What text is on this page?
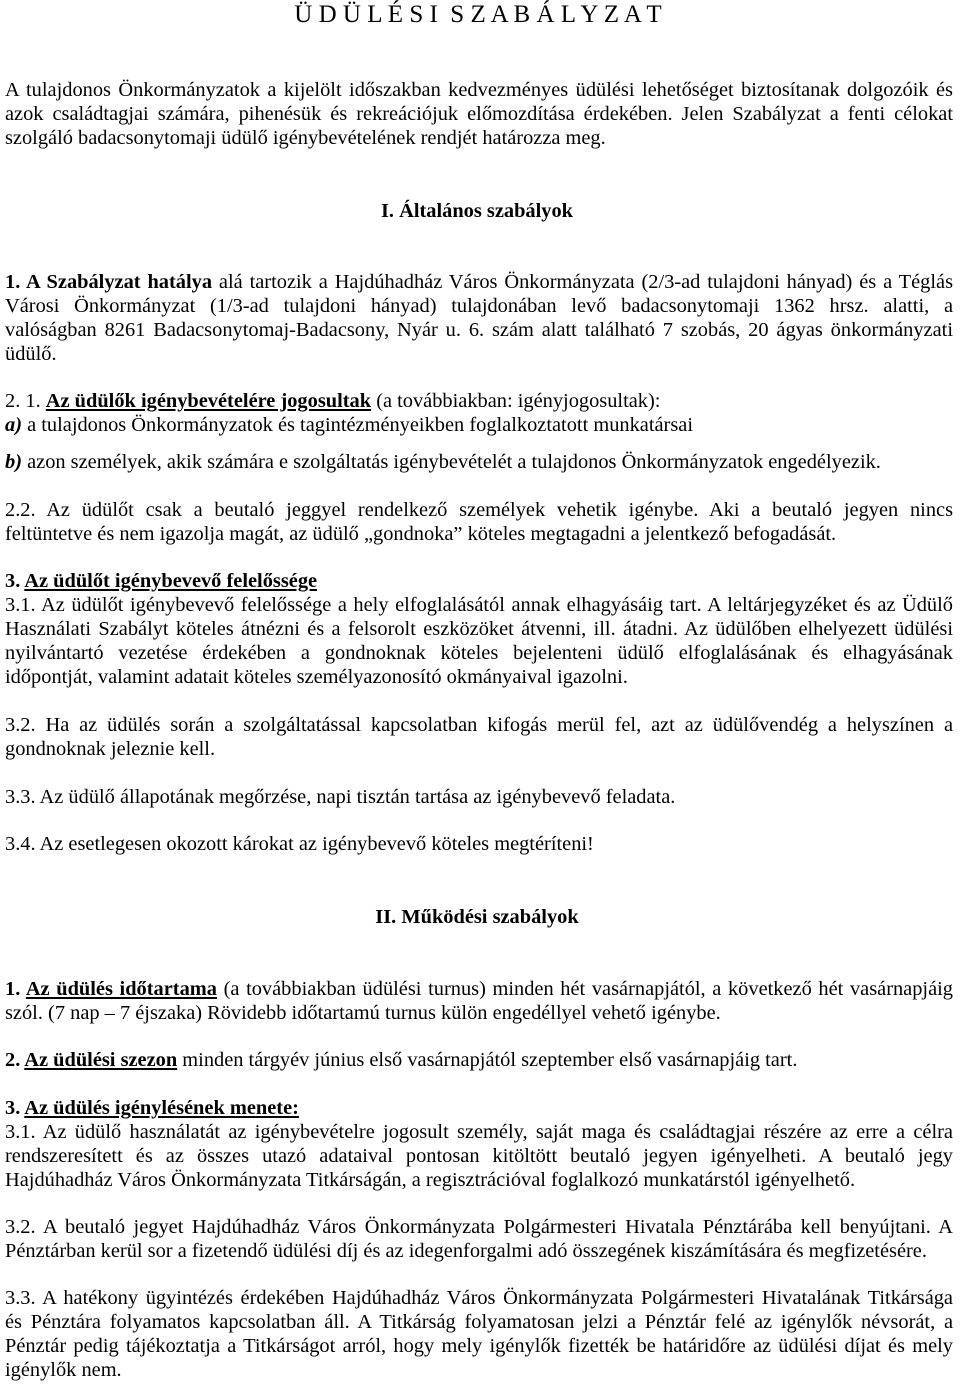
Ü D Ü L É S I  S Z A B Á L Y Z A T
A tulajdonos Önkormányzatok a kijelölt időszakban kedvezményes üdülési lehetőséget biztosítanak dolgozóik és
azok családtagjai számára, pihenésük és rekreációjuk előmozdítása érdekében. Jelen Szabályzat a fenti célokat
szolgáló badacsonytomaji üdülő igénybevételének rendjét határozza meg.
I. Általános szabályok
1. A Szabályzat hatálya alá tartozik a Hajdúhadház Város Önkormányzata (2/3-ad tulajdoni hányad) és a Téglás
Városi Önkormányzat (1/3-ad tulajdoni hányad) tulajdonában levő badacsonytomaji 1362 hrsz. alatti, a
valóságban 8261 Badacsonytomaj-Badacsony, Nyár u. 6. szám alatt található 7 szobás, 20 ágyas önkormányzati
üdülő.
2. 1. Az üdülők igénybevételére jogosultak (a továbbiakban: igényjogosultak):
a) a tulajdonos Önkormányzatok és tagintézményeikben foglalkoztatott munkatársai
b) azon személyek, akik számára e szolgáltatás igénybevételét a tulajdonos Önkormányzatok engedélyezik.
2.2. Az üdülőt csak a beutaló jeggyel rendelkező személyek vehetik igénybe. Aki a beutaló jegyen nincs
feltüntetve és nem igazolja magát, az üdülő „gondnoka” köteles megtagadni a jelentkező befogadását.
3. Az üdülőt igénybevevő felelőssége
3.1. Az üdülőt igénybevevő felelőssége a hely elfoglalásától annak elhagyásáig tart. A leltárjegyzéket és az Üdülő
Használati Szabályt köteles átnézni és a felsorolt eszközöket átvenni, ill. átadni. Az üdülőben elhelyezett üdülési
nyilvántartó vezetése érdekében a gondnoknak köteles bejelenteni üdülő elfoglalásának és elhagyásának
időpontját, valamint adatait köteles személyazonosító okmányaival igazolni.
3.2. Ha az üdülés során a szolgáltatással kapcsolatban kifogás merül fel, azt az üdülővendég a helyszínen a
gondnoknak jeleznie kell.
3.3. Az üdülő állapotának megőrzése, napi tisztán tartása az igénybevevő feladata.
3.4. Az esetlegesen okozott károkat az igénybevevő köteles megtéríteni!
II. Működési szabályok
1. Az üdülés időtartama (a továbbiakban üdülési turnus) minden hét vasárnapjától, a következő hét vasárnapjáig
szól. (7 nap – 7 éjszaka) Rövidebb időtartamú turnus külön engedéllyel vehető igénybe.
2. Az üdülési szezon minden tárgyév június első vasárnapjától szeptember első vasárnapjáig tart.
3. Az üdülés igénylésének menete:
3.1. Az üdülő használatát az igénybevételre jogosult személy, saját maga és családtagjai részére az erre a célra
rendszeresített és az összes utazó adataival pontosan kitöltött beutaló jegyen igényelheti. A beutaló jegy
Hajdúhadház Város Önkormányzata Titkárságán, a regisztrációval foglalkozó munkatárstól igényelhető.
3.2. A beutaló jegyet Hajdúhadház Város Önkormányzata Polgármesteri Hivatala Pénztárába kell benyújtani. A
Pénztárban kerül sor a fizetendő üdülési díj és az idegenforgalmi adó összegének kiszámítására és megfizetésére.
3.3. A hatékony ügyintézés érdekében Hajdúhadház Város Önkormányzata Polgármesteri Hivatalának Titkársága
és Pénztára folyamatos kapcsolatban áll. A Titkárság folyamatosan jelzi a Pénztár felé az igénylők névsorát, a
Pénztár pedig tájékoztatja a Titkárságot arról, hogy mely igénylők fizették be határidőre az üdülési díjat és mely
igénylők nem.
